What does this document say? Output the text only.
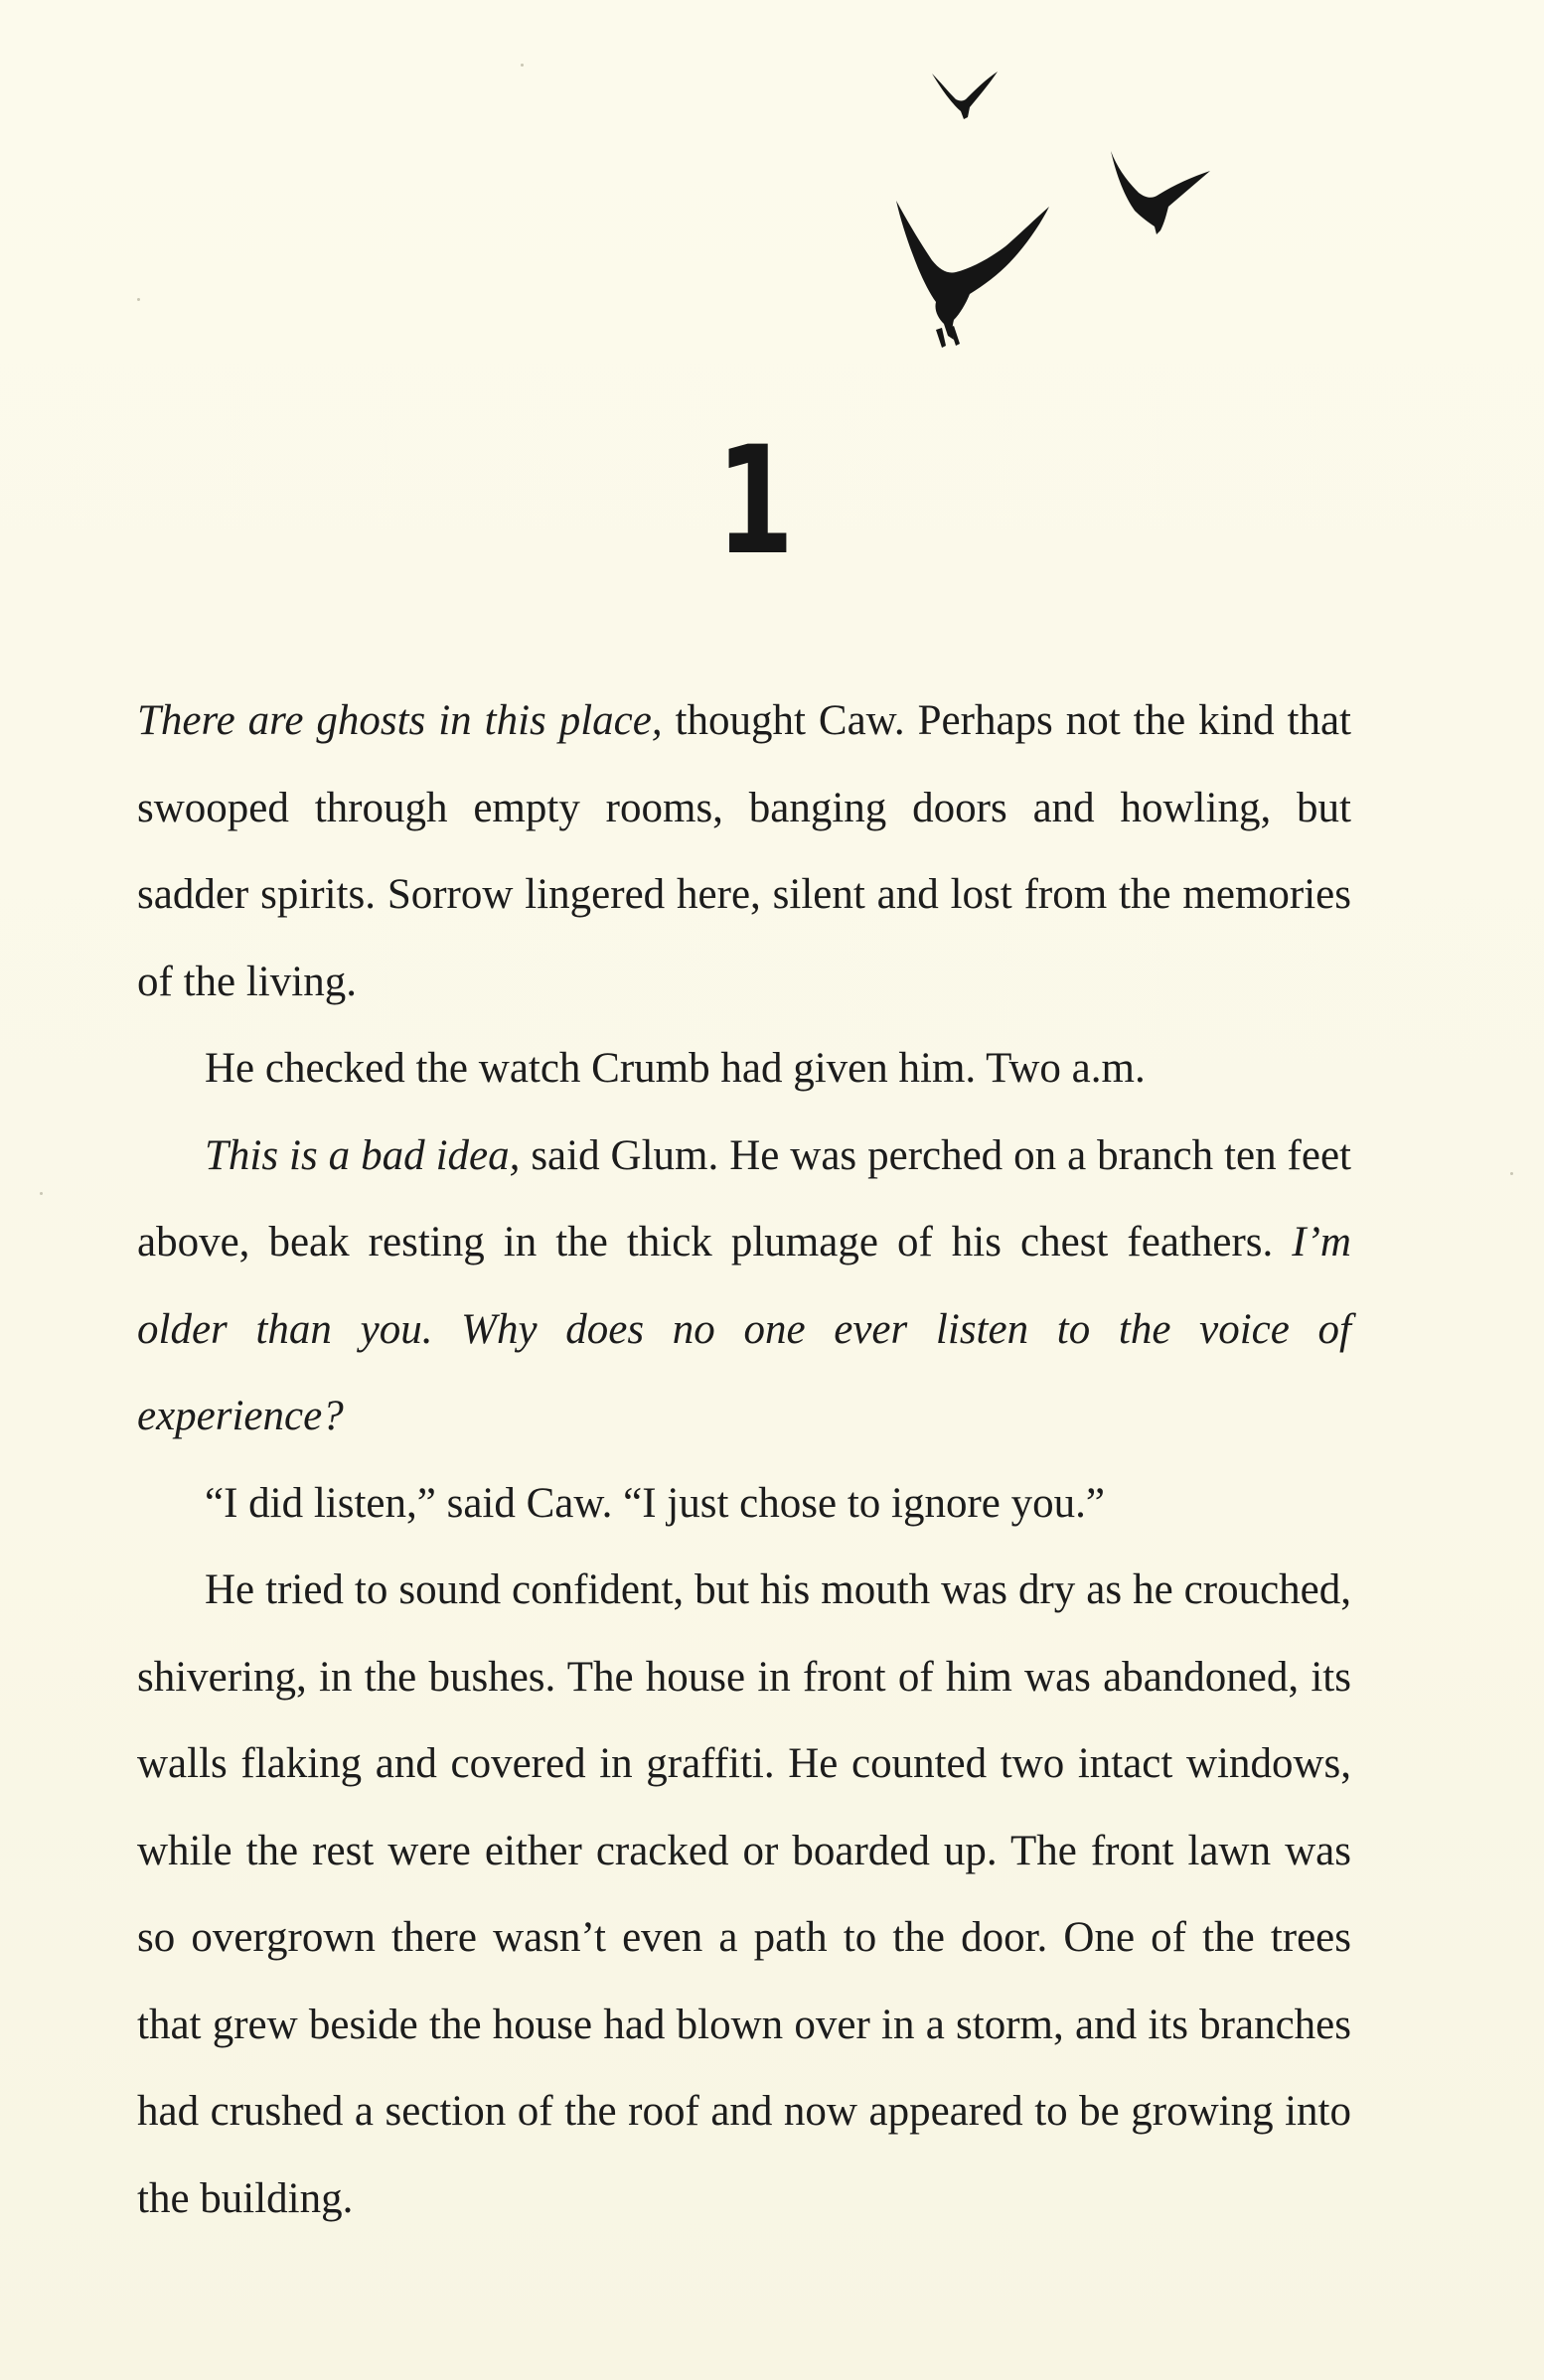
1

There are ghosts in this place, thought Caw. Perhaps not the kind that swooped through empty rooms, banging doors and howling, but sadder spirits. Sorrow lingered here, silent and lost from the memories of the living.

He checked the watch Crumb had given him. Two a.m.

This is a bad idea, said Glum. He was perched on a branch ten feet above, beak resting in the thick plumage of his chest feathers. I’m older than you. Why does no one ever listen to the voice of experience?

“I did listen,” said Caw. “I just chose to ignore you.”

He tried to sound confident, but his mouth was dry as he crouched, shivering, in the bushes. The house in front of him was abandoned, its walls flaking and covered in graffiti. He counted two intact windows, while the rest were either cracked or boarded up. The front lawn was so overgrown there wasn’t even a path to the door. One of the trees that grew beside the house had blown over in a storm, and its branches had crushed a section of the roof and now appeared to be growing into the building.
